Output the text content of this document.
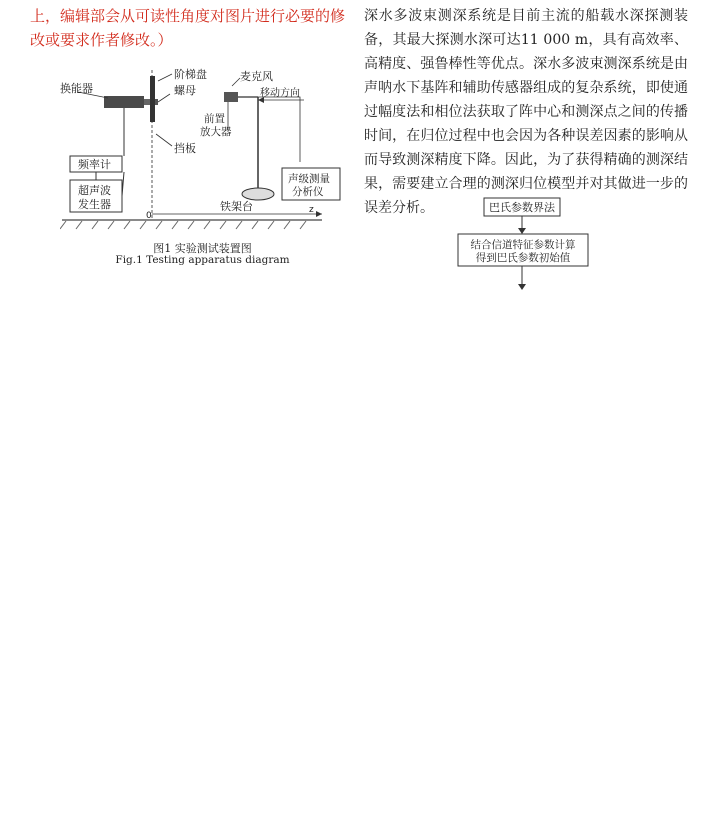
上，编辑部会从可读性角度对图片进行必要的修改或要求作者修改。）
z
0
换能器
阶梯盘
螺母
挡板
频率计
超声波
发生器
麦克风
移动方向
前置
放大器
铁架台
声级测量
分析仪
图1 实验测试装置图
Fig.1 Testing apparatus diagram
深水多波束测深系统是目前主流的船载水深探测装备，其最大探测水深可达11 000 m，具有高效率、高精度、强鲁棒性等优点。深水多波束测深系统是由声呐水下基阵和辅助传感器组成的复杂系统，即使通过幅度法和相位法获取了阵中心和测深点之间的传播时间，在归位过程中也会因为各种误差因素的影响从而导致测深精度下降。因此，为了获得精确的测深结果，需要建立合理的测深归位模型并对其做进一步的误差分析。	巴氏参数界法
结合信道特征参数计算
得到巴氏参数初始值
